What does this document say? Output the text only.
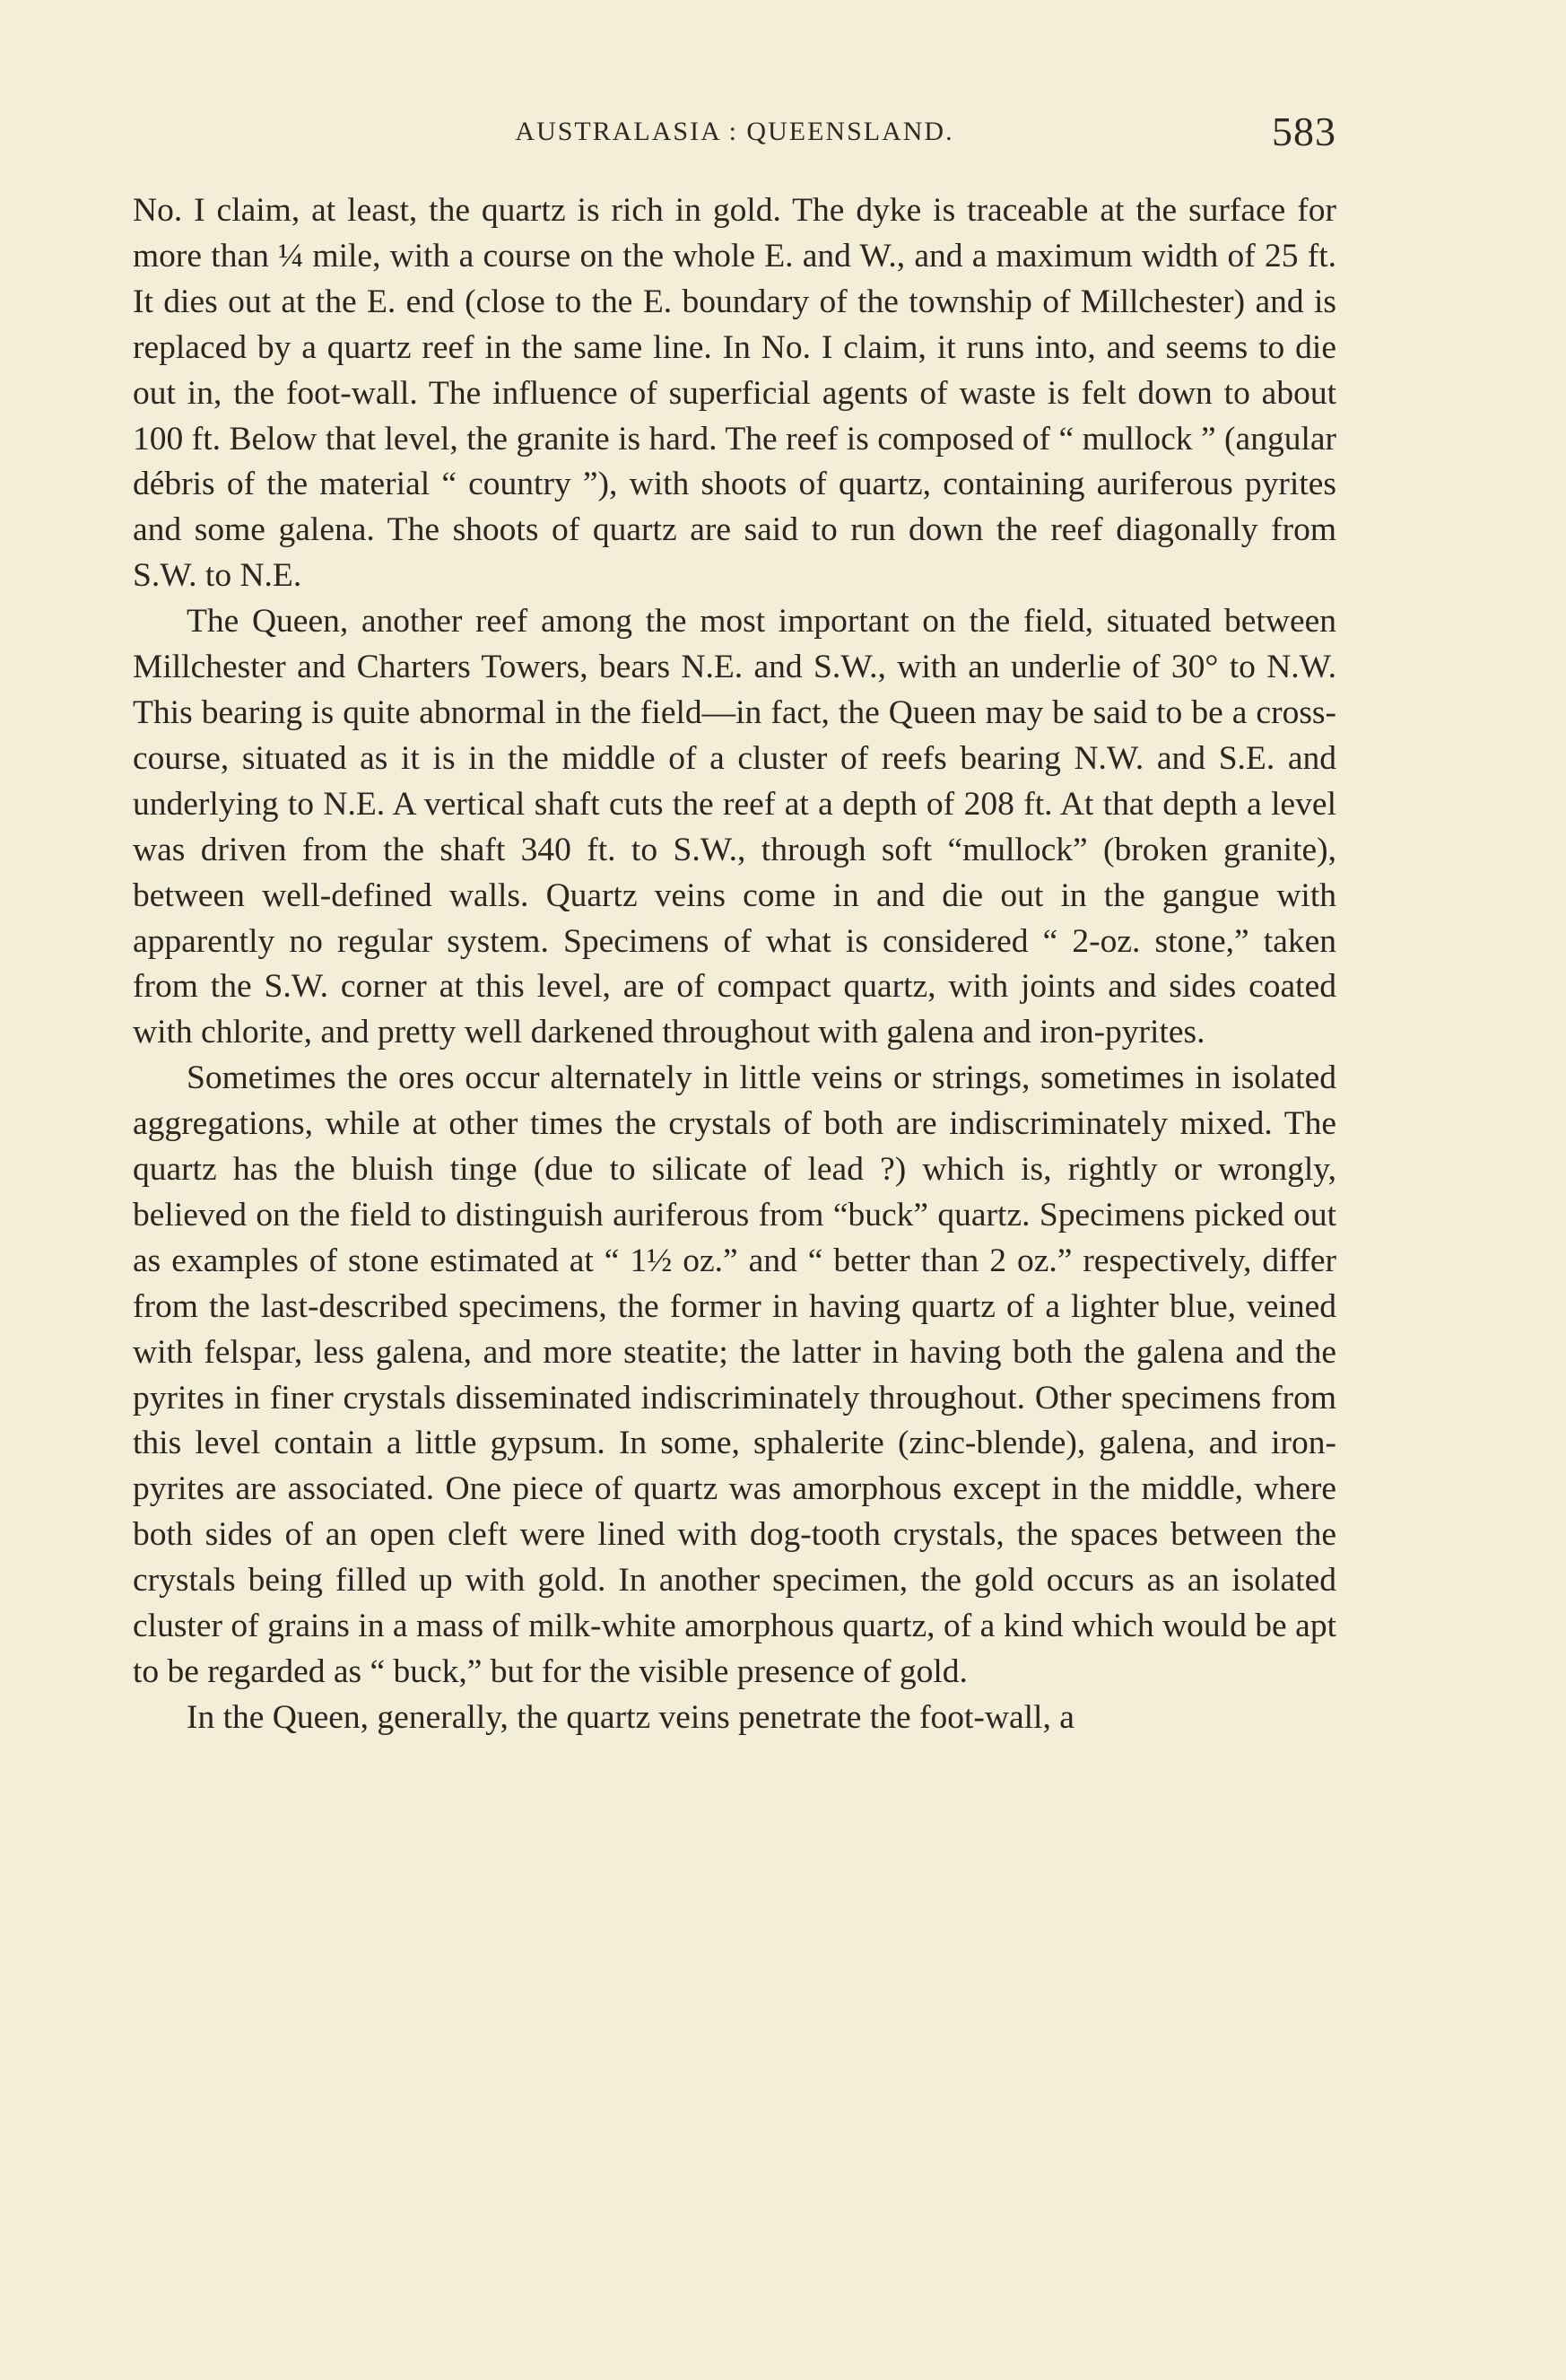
AUSTRALASIA : QUEENSLAND.	583

No. I claim, at least, the quartz is rich in gold. The dyke is traceable at the surface for more than ¼ mile, with a course on the whole E. and W., and a maximum width of 25 ft. It dies out at the E. end (close to the E. boundary of the township of Millchester) and is replaced by a quartz reef in the same line. In No. I claim, it runs into, and seems to die out in, the foot-wall. The influence of superficial agents of waste is felt down to about 100 ft. Below that level, the granite is hard. The reef is composed of “ mullock ” (angular débris of the material “ country ”), with shoots of quartz, containing auriferous pyrites and some galena. The shoots of quartz are said to run down the reef diagonally from S.W. to N.E.

The Queen, another reef among the most important on the field, situated between Millchester and Charters Towers, bears N.E. and S.W., with an underlie of 30° to N.W. This bearing is quite abnormal in the field—in fact, the Queen may be said to be a cross-course, situated as it is in the middle of a cluster of reefs bearing N.W. and S.E. and underlying to N.E. A vertical shaft cuts the reef at a depth of 208 ft. At that depth a level was driven from the shaft 340 ft. to S.W., through soft “mullock” (broken granite), between well-defined walls. Quartz veins come in and die out in the gangue with apparently no regular system. Specimens of what is considered “ 2-oz. stone,” taken from the S.W. corner at this level, are of compact quartz, with joints and sides coated with chlorite, and pretty well darkened throughout with galena and iron-pyrites.

Sometimes the ores occur alternately in little veins or strings, sometimes in isolated aggregations, while at other times the crystals of both are indiscriminately mixed. The quartz has the bluish tinge (due to silicate of lead ?) which is, rightly or wrongly, believed on the field to distinguish auriferous from “buck” quartz. Specimens picked out as examples of stone estimated at “ 1½ oz.” and “ better than 2 oz.” respectively, differ from the last-described specimens, the former in having quartz of a lighter blue, veined with felspar, less galena, and more steatite; the latter in having both the galena and the pyrites in finer crystals disseminated indiscriminately throughout. Other specimens from this level contain a little gypsum. In some, sphalerite (zinc-blende), galena, and iron-pyrites are associated. One piece of quartz was amorphous except in the middle, where both sides of an open cleft were lined with dog-tooth crystals, the spaces between the crystals being filled up with gold. In another specimen, the gold occurs as an isolated cluster of grains in a mass of milk-white amorphous quartz, of a kind which would be apt to be regarded as “ buck,” but for the visible presence of gold.

In the Queen, generally, the quartz veins penetrate the foot-wall, a
